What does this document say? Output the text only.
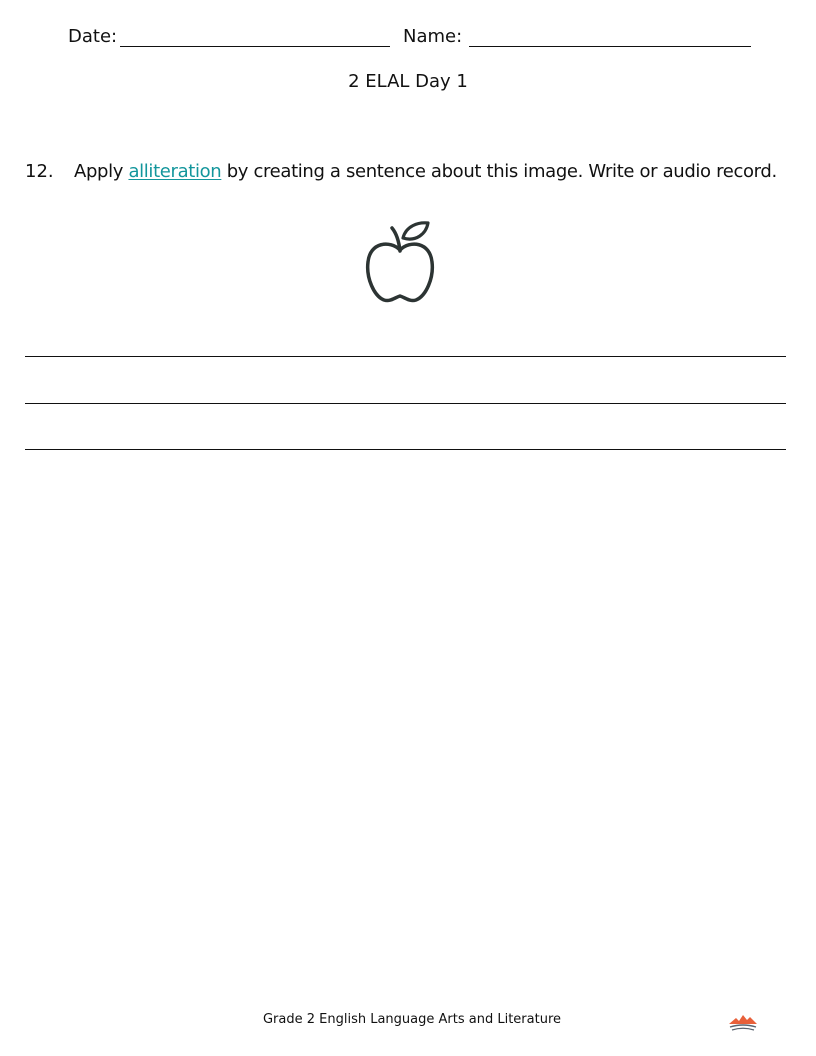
Date:	Name:
2 ELAL Day 1
12. Apply alliteration by creating a sentence about this image. Write or audio record.
Grade 2 English Language Arts and Literature
